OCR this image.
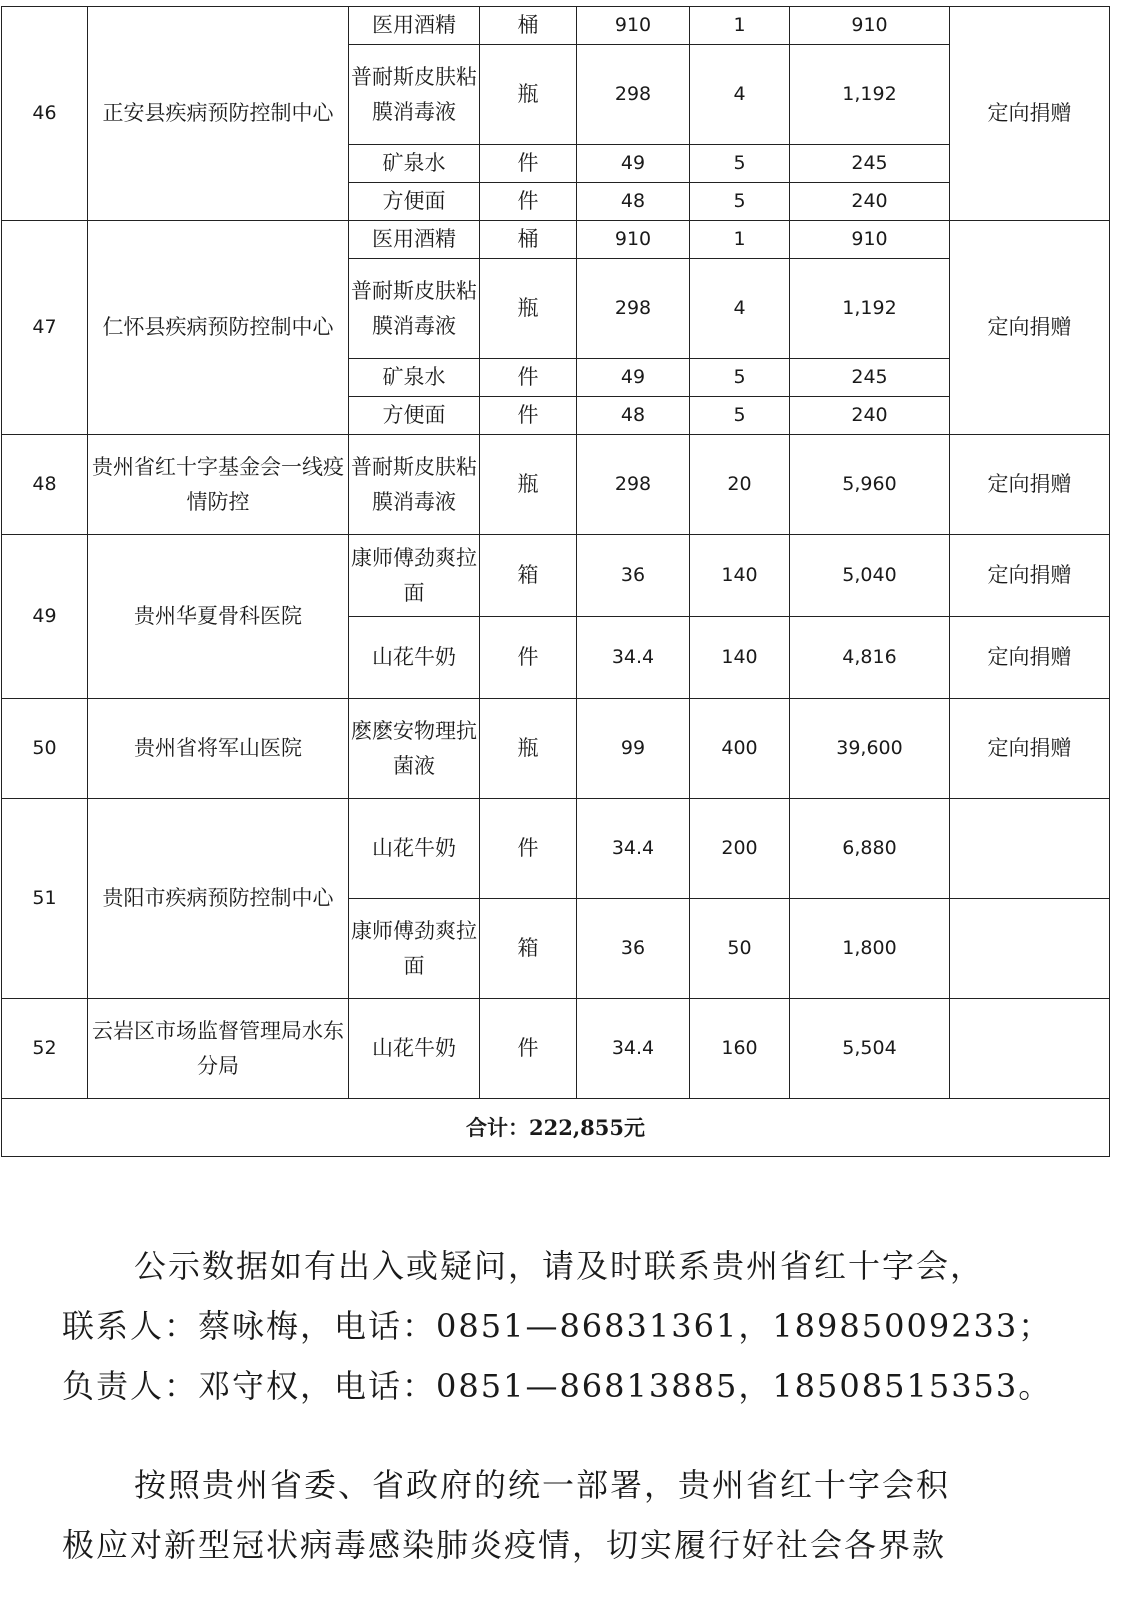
46	正安县疾病预防控制中心	医用酒精	桶	910	1	910	定向捐赠
		普耐斯皮肤粘膜消毒液	瓶	298	4	1,192	
		矿泉水	件	49	5	245	
		方便面	件	48	5	240	
47	仁怀县疾病预防控制中心	医用酒精	桶	910	1	910	定向捐赠
		普耐斯皮肤粘膜消毒液	瓶	298	4	1,192	
		矿泉水	件	49	5	245	
		方便面	件	48	5	240	
48	贵州省红十字基金会一线疫情防控	普耐斯皮肤粘膜消毒液	瓶	298	20	5,960	定向捐赠
49	贵州华夏骨科医院	康师傅劲爽拉面	箱	36	140	5,040	定向捐赠
		山花牛奶	件	34.4	140	4,816	定向捐赠
50	贵州省将军山医院	麽麽安物理抗菌液	瓶	99	400	39,600	定向捐赠
51	贵阳市疾病预防控制中心	山花牛奶	件	34.4	200	6,880	
		康师傅劲爽拉面	箱	36	50	1,800	
52	云岩区市场监督管理局水东分局	山花牛奶	件	34.4	160	5,504	
合计：222,855元							
公示数据如有出入或疑问，请及时联系贵州省红十字会，
联系人：蔡咏梅，电话：0851—86831361，18985009233；
负责人：邓守权，电话：0851—86813885，18508515353。
按照贵州省委、省政府的统一部署，贵州省红十字会积
极应对新型冠状病毒感染肺炎疫情，切实履行好社会各界款
